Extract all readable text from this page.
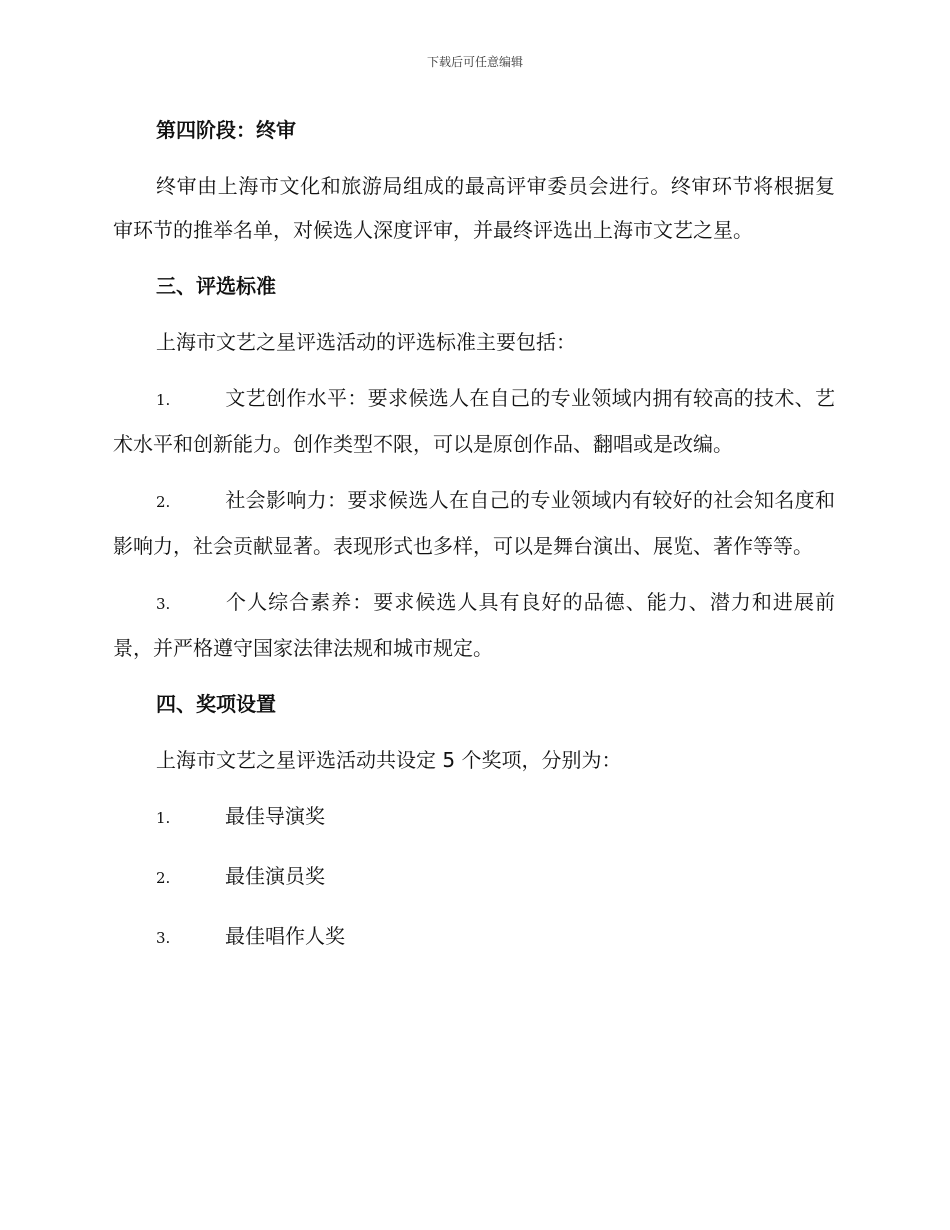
下载后可任意编辑
第四阶段：终审
终审由上海市文化和旅游局组成的最高评审委员会进行。终审环节将根据复审环节的推举名单，对候选人深度评审，并最终评选出上海市文艺之星。
三、评选标准
上海市文艺之星评选活动的评选标准主要包括：
1.	文艺创作水平：要求候选人在自己的专业领域内拥有较高的技术、艺术水平和创新能力。创作类型不限，可以是原创作品、翻唱或是改编。
2.	社会影响力：要求候选人在自己的专业领域内有较好的社会知名度和影响力，社会贡献显著。表现形式也多样，可以是舞台演出、展览、著作等等。
3.	个人综合素养：要求候选人具有良好的品德、能力、潜力和进展前景，并严格遵守国家法律法规和城市规定。
四、奖项设置
上海市文艺之星评选活动共设定 5 个奖项，分别为：
1.	最佳导演奖
2.	最佳演员奖
3.	最佳唱作人奖
